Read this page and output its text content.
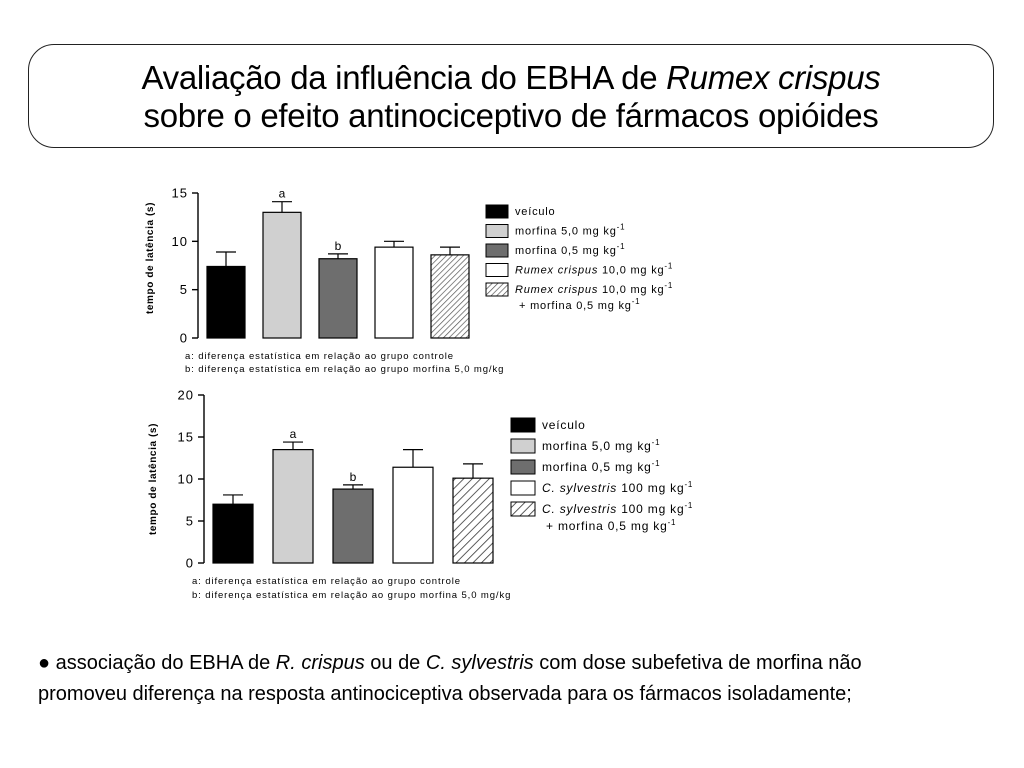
Avaliação da influência do EBHA de Rumex crispus
sobre o efeito antinociceptivo de fármacos opióides
0
5
10
15
tempo de latência (s)
a
b
veículo
morfina 5,0 mg $kg^{-1}$
morfina 0,5 mg $kg^{-1}$
Rumex crispus 10,0 mg $kg^{-1}$
Rumex crispus 10,0 mg $kg^{-1}$
+ morfina 0,5 mg $kg^{-1}$
a: diferença estatística em relação ao grupo controle
b: diferença estatística em relação ao grupo morfina 5,0 mg/kg
0
5
10
15
20
tempo de latência (s)	a
b
veículo
morfina 5,0 mg $kg^{-1}$
morfina 0,5 mg $kg^{-1}$
C. sylvestris 100 mg $kg^{-1}$
C. sylvestris 100 mg $kg^{-1}$
+ morfina 0,5 mg $kg^{-1}$
a: diferença estatística em relação ao grupo controle
b: diferença estatística em relação ao grupo morfina 5,0 mg/kg
● associação do EBHA de R. crispus ou de C. sylvestris com dose subefetiva de morfina não promoveu diferença na resposta antinociceptiva observada para os fármacos isoladamente;
